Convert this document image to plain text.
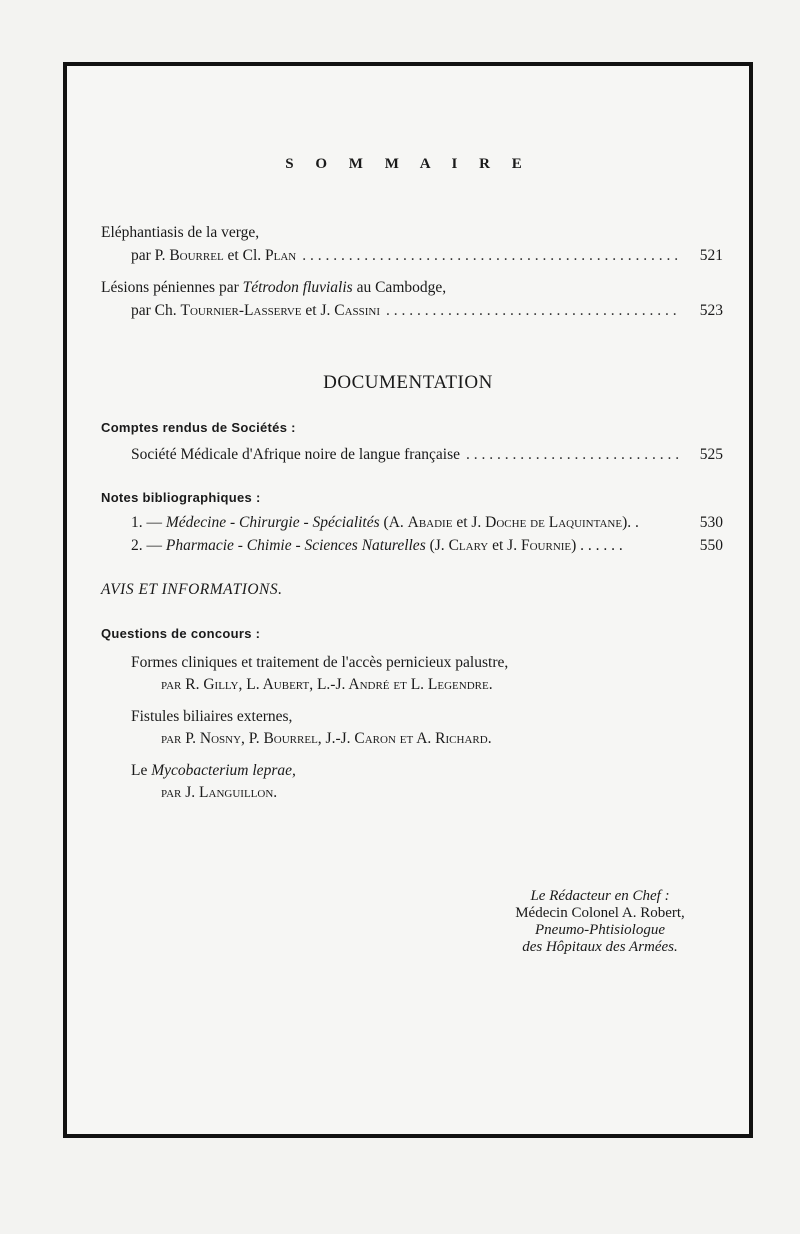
S O M M A I R E
Eléphantiasis de la verge,
par P. Bourrel et Cl. Plan . . .	521
Lésions péniennes par Tétrodon fluvialis au Cambodge,
par Ch. Tournier-Lasserve et J. Cassini . . .	523
DOCUMENTATION
Comptes rendus de Sociétés :
Société Médicale d'Afrique noire de langue française . . .	525
Notes bibliographiques :
1. — Médecine - Chirurgie - Spécialités (A. Abadie et J. Doche de Laquintane). .	530
2. — Pharmacie - Chimie - Sciences Naturelles (J. Clary et J. Fournie) . . . . . .	550
AVIS ET INFORMATIONS.
Questions de concours :
Formes cliniques et traitement de l'accès pernicieux palustre,
par R. Gilly, L. Aubert, L.-J. André et L. Legendre.
Fistules biliaires externes,
par P. Nosny, P. Bourrel, J.-J. Caron et A. Richard.
Le Mycobacterium leprae,
par J. Languillon.
Le Rédacteur en Chef :
Médecin Colonel A. Robert,
Pneumo-Phtisiologue
des Hôpitaux des Armées.
